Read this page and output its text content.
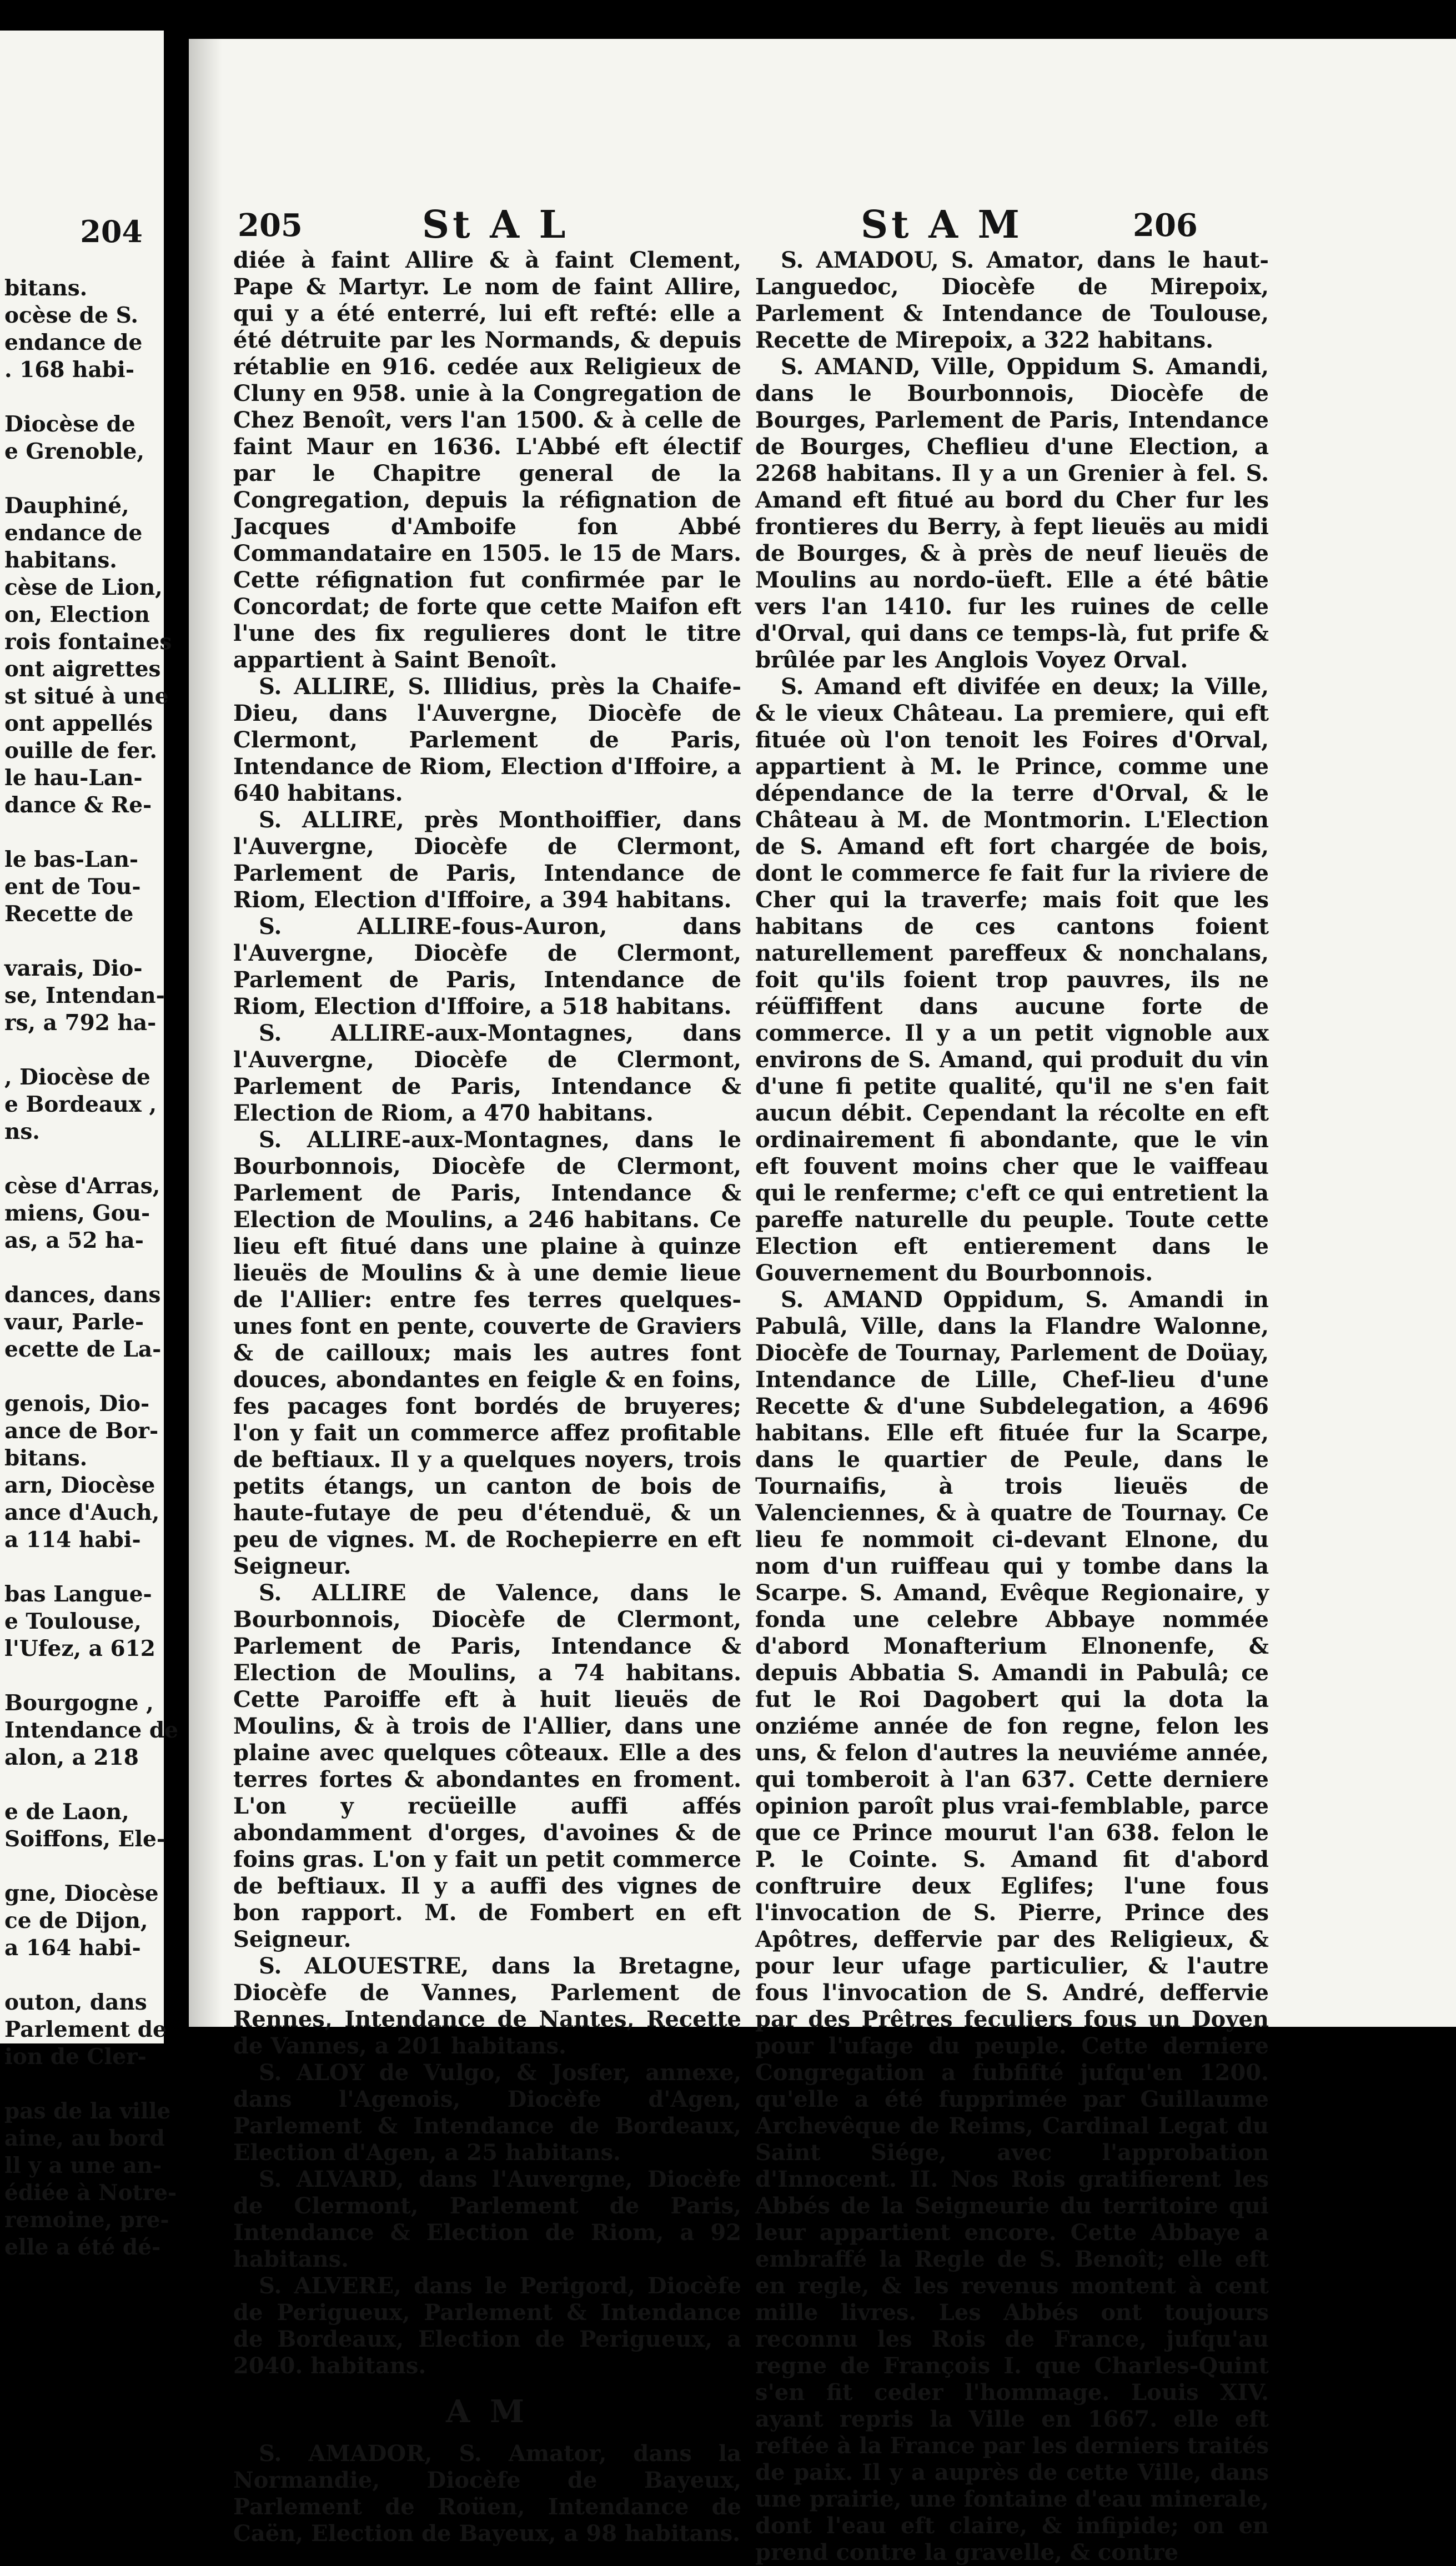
204
bitans.
ocèse de S.
endance de
. 168 habi-
Diocèse de
e Grenoble,
Dauphiné,
endance de
habitans.
cèse de Lion,
on, Election
rois fontaines
ont aigrettes
st situé à une
ont appellés
ouille de fer.
le hau-Lan-
dance & Re-
le bas-Lan-
ent de Tou-
Recette de
varais, Dio-
se, Intendan-
rs, a 792 ha-
, Diocèse de
e Bordeaux ,
ns.
cèse d'Arras,
miens, Gou-
as, a 52 ha-
dances, dans
vaur, Parle-
ecette de La-
genois, Dio-
ance de Bor-
bitans.
arn, Diocèse
ance d'Auch,
a 114 habi-
bas Langue-
e Toulouse,
l'Ufez, a 612
Bourgogne ,
Intendance de
alon, a 218
e de Laon,
Soiffons, Ele-
gne, Diocèse
ce de Dijon,
a 164 habi-
outon, dans
Parlement de
ion de Cler-
pas de la ville
aine, au bord
ll y a une an-
édiée à Notre-
remoine, pre-
elle a été dé-
205	St A L	St A M	206

diée à faint Allire & à faint Clement, Pape & Martyr. Le nom de faint Allire, qui y a été enterré, lui eft refté: elle a été détruite par les Normands, & depuis rétablie en 916. cedée aux Religieux de Cluny en 958. unie à la Congregation de Chez Benoît, vers l'an 1500. & à celle de faint Maur en 1636. L'Abbé eft électif par le Chapitre general de la Congregation, depuis la réfignation de Jacques d'Amboife fon Abbé Commandataire en 1505. le 15 de Mars. Cette réfignation fut confirmée par le Concordat; de forte que cette Maifon eft l'une des fix regulieres dont le titre appartient à Saint Benoît.

S. ALLIRE, S. Illidius, près la Chaife-Dieu, dans l'Auvergne, Diocèfe de Clermont, Parlement de Paris, Intendance de Riom, Election d'Iffoire, a 640 habitans.

S. ALLIRE, près Monthoiffier, dans l'Auvergne, Diocèfe de Clermont, Parlement de Paris, Intendance de Riom, Election d'Iffoire, a 394 habitans.

S. ALLIRE-fous-Auron, dans l'Auvergne, Diocèfe de Clermont, Parlement de Paris, Intendance de Riom, Election d'Iffoire, a 518 habitans.

S. ALLIRE-aux-Montagnes, dans l'Auvergne, Diocèfe de Clermont, Parlement de Paris, Intendance & Election de Riom, a 470 habitans.

S. ALLIRE-aux-Montagnes, dans le Bourbonnois, Diocèfe de Clermont, Parlement de Paris, Intendance & Election de Moulins, a 246 habitans. Ce lieu eft fitué dans une plaine à quinze lieuës de Moulins & à une demie lieue de l'Allier: entre fes terres quelques-unes font en pente, couverte de Graviers & de cailloux; mais les autres font douces, abondantes en feigle & en foins, fes pacages font bordés de bruyeres; l'on y fait un commerce affez profitable de beftiaux. Il y a quelques noyers, trois petits étangs, un canton de bois de haute-futaye de peu d'étenduë, & un peu de vignes. M. de Rochepierre en eft Seigneur.

S. ALLIRE de Valence, dans le Bourbonnois, Diocèfe de Clermont, Parlement de Paris, Intendance & Election de Moulins, a 74 habitans. Cette Paroiffe eft à huit lieuës de Moulins, & à trois de l'Allier, dans une plaine avec quelques côteaux. Elle a des terres fortes & abondantes en froment. L'on y recüeille auffi affés abondamment d'orges, d'avoines & de foins gras. L'on y fait un petit commerce de beftiaux. Il y a auffi des vignes de bon rapport. M. de Fombert en eft Seigneur.

S. ALOUESTRE, dans la Bretagne, Diocèfe de Vannes, Parlement de Rennes, Intendance de Nantes, Recette de Vannes, a 201 habitans.

S. ALOY de Vulgo, & Josfer, annexe, dans l'Agenois, Diocèfe d'Agen, Parlement & Intendance de Bordeaux, Election d'Agen, a 25 habitans.

S. ALVARD, dans l'Auvergne, Diocèfe de Clermont, Parlement de Paris, Intendance & Election de Riom, a 92 habitans.

S. ALVERE, dans le Perigord, Diocèfe de Perigueux, Parlement & Intendance de Bordeaux, Election de Perigueux, a 2040. habitans.

A M

S. AMADOR, S. Amator, dans la Normandie, Diocèfe de Bayeux, Parlement de Roüen, Intendance de Caën, Election de Bayeux, a 98 habitans.

S. AMADOU, S. Amator, dans le haut-Languedoc, Diocèfe de Mirepoix, Parlement & Intendance de Toulouse, Recette de Mirepoix, a 322 habitans.

S. AMAND, Ville, Oppidum S. Amandi, dans le Bourbonnois, Diocèfe de Bourges, Parlement de Paris, Intendance de Bourges, Cheflieu d'une Election, a 2268 habitans. Il y a un Grenier à fel. S. Amand eft fitué au bord du Cher fur les frontieres du Berry, à fept lieuës au midi de Bourges, & à près de neuf lieuës de Moulins au nordo-üeft. Elle a été bâtie vers l'an 1410. fur les ruines de celle d'Orval, qui dans ce temps-là, fut prife & brûlée par les Anglois Voyez Orval.

S. Amand eft divifée en deux; la Ville, & le vieux Château. La premiere, qui eft fituée où l'on tenoit les Foires d'Orval, appartient à M. le Prince, comme une dépendance de la terre d'Orval, & le Château à M. de Montmorin. L'Election de S. Amand eft fort chargée de bois, dont le commerce fe fait fur la riviere de Cher qui la traverfe; mais foit que les habitans de ces cantons foient naturellement pareffeux & nonchalans, foit qu'ils foient trop pauvres, ils ne réüffiffent dans aucune forte de commerce. Il y a un petit vignoble aux environs de S. Amand, qui produit du vin d'une fi petite qualité, qu'il ne s'en fait aucun débit. Cependant la récolte en eft ordinairement fi abondante, que le vin eft fouvent moins cher que le vaiffeau qui le renferme; c'eft ce qui entretient la pareffe naturelle du peuple. Toute cette Election eft entierement dans le Gouvernement du Bourbonnois.

S. AMAND Oppidum, S. Amandi in Pabulâ, Ville, dans la Flandre Walonne, Diocèfe de Tournay, Parlement de Doüay, Intendance de Lille, Chef-lieu d'une Recette & d'une Subdelegation, a 4696 habitans. Elle eft fituée fur la Scarpe, dans le quartier de Peule, dans le Tournaifis, à trois lieuës de Valenciennes, & à quatre de Tournay. Ce lieu fe nommoit ci-devant Elnone, du nom d'un ruiffeau qui y tombe dans la Scarpe. S. Amand, Evêque Regionaire, y fonda une celebre Abbaye nommée d'abord Monafterium Elnonenfe, & depuis Abbatia S. Amandi in Pabulâ; ce fut le Roi Dagobert qui la dota la onziéme année de fon regne, felon les uns, & felon d'autres la neuviéme année, qui tomberoit à l'an 637. Cette derniere opinion paroît plus vrai-femblable, parce que ce Prince mourut l'an 638. felon le P. le Cointe. S. Amand fit d'abord conftruire deux Eglifes; l'une fous l'invocation de S. Pierre, Prince des Apôtres, deffervie par des Religieux, & pour leur ufage particulier, & l'autre fous l'invocation de S. André, deffervie par des Prêtres feculiers fous un Doyen pour l'ufage du peuple. Cette derniere Congregation a fubfifté jufqu'en 1200. qu'elle a été fupprimée par Guillaume Archevêque de Reims, Cardinal Legat du Saint Siége, avec l'approbation d'Innocent. II. Nos Rois gratifierent les Abbés de la Seigneurie du territoire qui leur appartient encore. Cette Abbaye a embraffé la Regle de S. Benoît; elle eft en regle, & les revenus montent à cent mille livres. Les Abbés ont toujours reconnu les Rois de France, jufqu'au regne de François I. que Charles-Quint s'en fit ceder l'hommage. Louis XIV. ayant repris la Ville en 1667. elle eft reftée à la France par les derniers traités de paix. Il y a auprès de cette Ville, dans une prairie, une fontaine d'eau minerale, dont l'eau eft claire, & infipide; on en prend contre la gravelle, & contre
